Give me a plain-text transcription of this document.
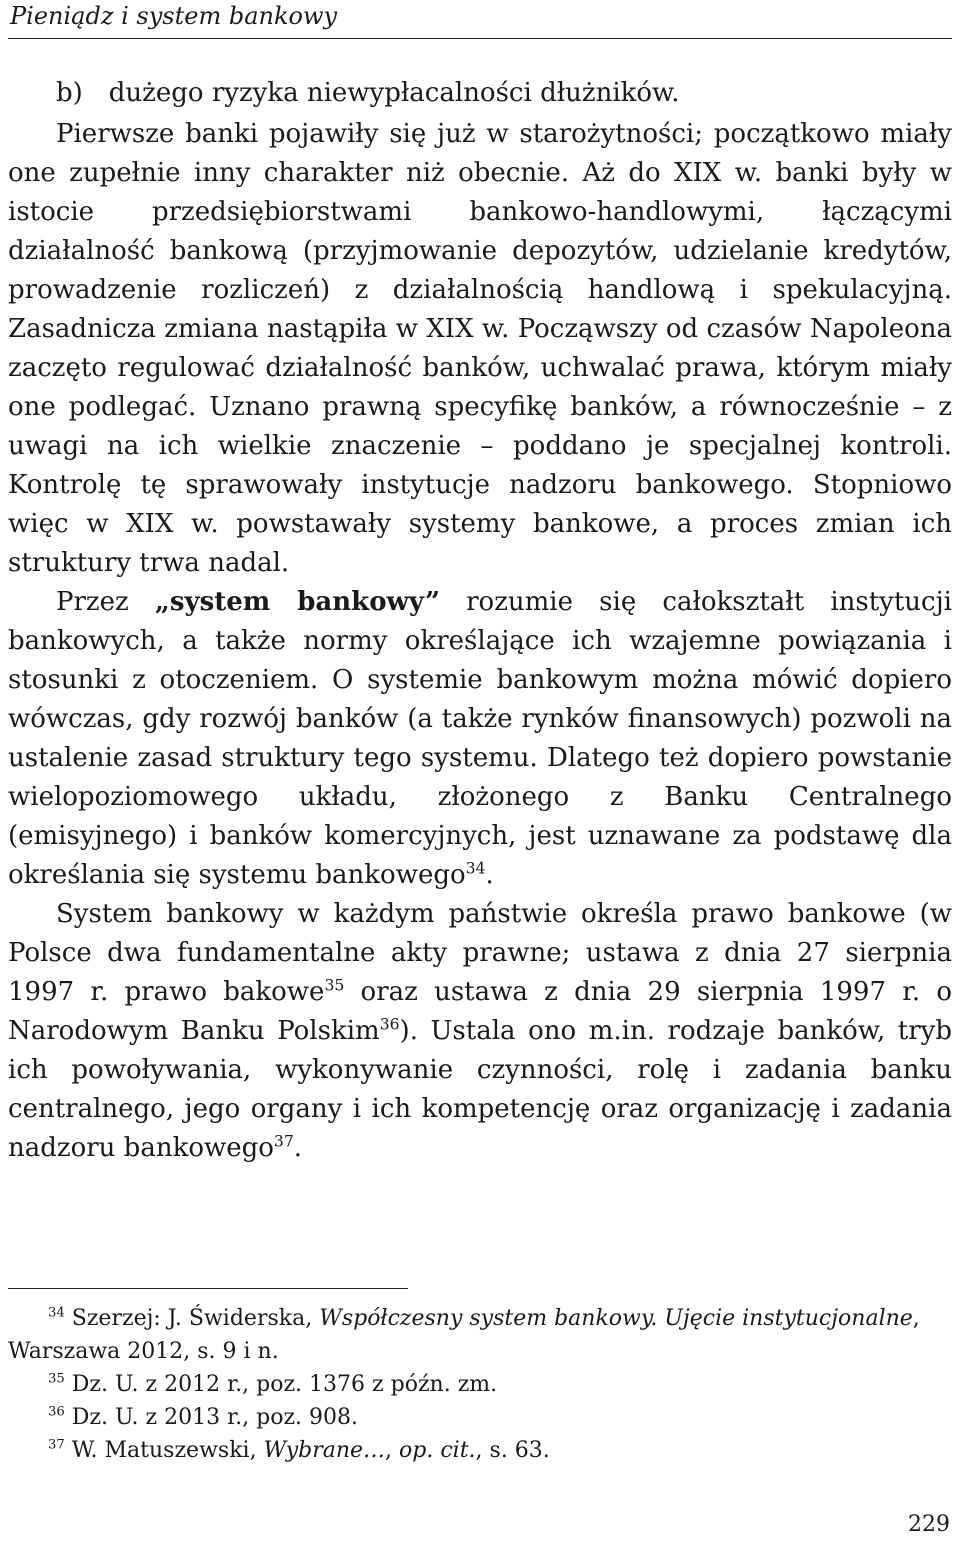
Pieniądz i system bankowy

b) dużego ryzyka niewypłacalności dłużników.

Pierwsze banki pojawiły się już w starożytności; początkowo miały one zupełnie inny charakter niż obecnie. Aż do XIX w. banki były w istocie przedsiębiorstwami bankowo-handlowymi, łączącymi działalność bankową (przyjmowanie depozytów, udzielanie kredytów, prowadzenie rozliczeń) z działalnością handlową i spekulacyjną. Zasadnicza zmiana nastąpiła w XIX w. Począwszy od czasów Napoleona zaczęto regulować działalność banków, uchwalać prawa, którym miały one podlegać. Uznano prawną specyfikę banków, a równocześnie – z uwagi na ich wielkie znaczenie – poddano je specjalnej kontroli. Kontrolę tę sprawowały instytucje nadzoru bankowego. Stopniowo więc w XIX w. powstawały systemy bankowe, a proces zmian ich struktury trwa nadal.

Przez „system bankowy” rozumie się całokształt instytucji bankowych, a także normy określające ich wzajemne powiązania i stosunki z otoczeniem. O systemie bankowym można mówić dopiero wówczas, gdy rozwój banków (a także rynków finansowych) pozwoli na ustalenie zasad struktury tego systemu. Dlatego też dopiero powstanie wielopoziomowego układu, złożonego z Banku Centralnego (emisyjnego) i banków komercyjnych, jest uznawane za podstawę dla określania się systemu bankowego$^{34}$.

System bankowy w każdym państwie określa prawo bankowe (w Polsce dwa fundamentalne akty prawne; ustawa z dnia 27 sierpnia 1997 r. prawo bakowe$^{35}$ oraz ustawa z dnia 29 sierpnia 1997 r. o Narodowym Banku Polskim$^{36}$). Ustala ono m.in. rodzaje banków, tryb ich powoływania, wykonywanie czynności, rolę i zadania banku centralnego, jego organy i ich kompetencję oraz organizację i zadania nadzoru bankowego$^{37}$.

$^{34}$ Szerzej: J. Świderska, Współczesny system bankowy. Ujęcie instytucjonalne, Warszawa 2012, s. 9 i n.

$^{35}$ Dz. U. z 2012 r., poz. 1376 z późn. zm.

$^{36}$ Dz. U. z 2013 r., poz. 908.

$^{37}$ W. Matuszewski, Wybrane…, op. cit., s. 63.

229
